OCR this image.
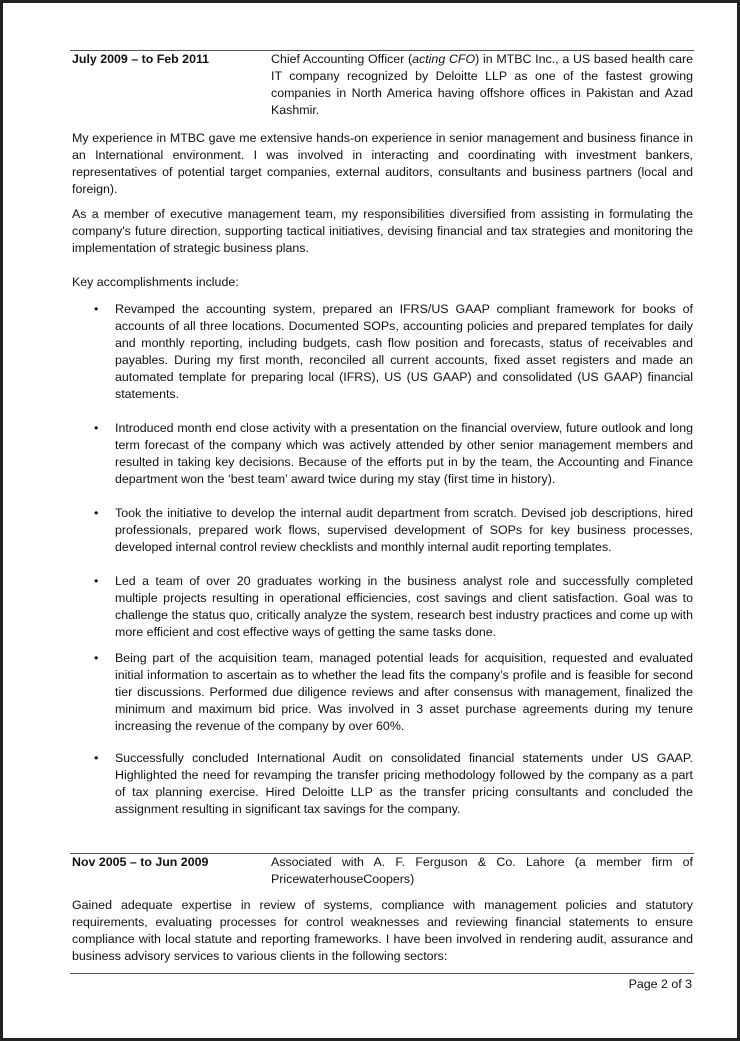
July 2009 – to Feb 2011	Chief Accounting Officer (acting CFO) in MTBC Inc., a US based health care IT company recognized by Deloitte LLP as one of the fastest growing companies in North America having offshore offices in Pakistan and Azad Kashmir.
My experience in MTBC gave me extensive hands-on experience in senior management and business finance in an International environment. I was involved in interacting and coordinating with investment bankers, representatives of potential target companies, external auditors, consultants and business partners (local and foreign).
As a member of executive management team, my responsibilities diversified from assisting in formulating the company's future direction, supporting tactical initiatives, devising financial and tax strategies and monitoring the implementation of strategic business plans.
Key accomplishments include:
• Revamped the accounting system, prepared an IFRS/US GAAP compliant framework for books of accounts of all three locations. Documented SOPs, accounting policies and prepared templates for daily and monthly reporting, including budgets, cash flow position and forecasts, status of receivables and payables. During my first month, reconciled all current accounts, fixed asset registers and made an automated template for preparing local (IFRS), US (US GAAP) and consolidated (US GAAP) financial statements.
• Introduced month end close activity with a presentation on the financial overview, future outlook and long term forecast of the company which was actively attended by other senior management members and resulted in taking key decisions. Because of the efforts put in by the team, the Accounting and Finance department won the ‘best team’ award twice during my stay (first time in history).
• Took the initiative to develop the internal audit department from scratch. Devised job descriptions, hired professionals, prepared work flows, supervised development of SOPs for key business processes, developed internal control review checklists and monthly internal audit reporting templates.
• Led a team of over 20 graduates working in the business analyst role and successfully completed multiple projects resulting in operational efficiencies, cost savings and client satisfaction. Goal was to challenge the status quo, critically analyze the system, research best industry practices and come up with more efficient and cost effective ways of getting the same tasks done.
• Being part of the acquisition team, managed potential leads for acquisition, requested and evaluated initial information to ascertain as to whether the lead fits the company’s profile and is feasible for second tier discussions. Performed due diligence reviews and after consensus with management, finalized the minimum and maximum bid price. Was involved in 3 asset purchase agreements during my tenure increasing the revenue of the company by over 60%.
• Successfully concluded International Audit on consolidated financial statements under US GAAP. Highlighted the need for revamping the transfer pricing methodology followed by the company as a part of tax planning exercise. Hired Deloitte LLP as the transfer pricing consultants and concluded the assignment resulting in significant tax savings for the company.
Nov 2005 – to Jun 2009	Associated with A. F. Ferguson & Co. Lahore (a member firm of PricewaterhouseCoopers)
Gained adequate expertise in review of systems, compliance with management policies and statutory requirements, evaluating processes for control weaknesses and reviewing financial statements to ensure compliance with local statute and reporting frameworks. I have been involved in rendering audit, assurance and business advisory services to various clients in the following sectors:
Page 2 of 3
